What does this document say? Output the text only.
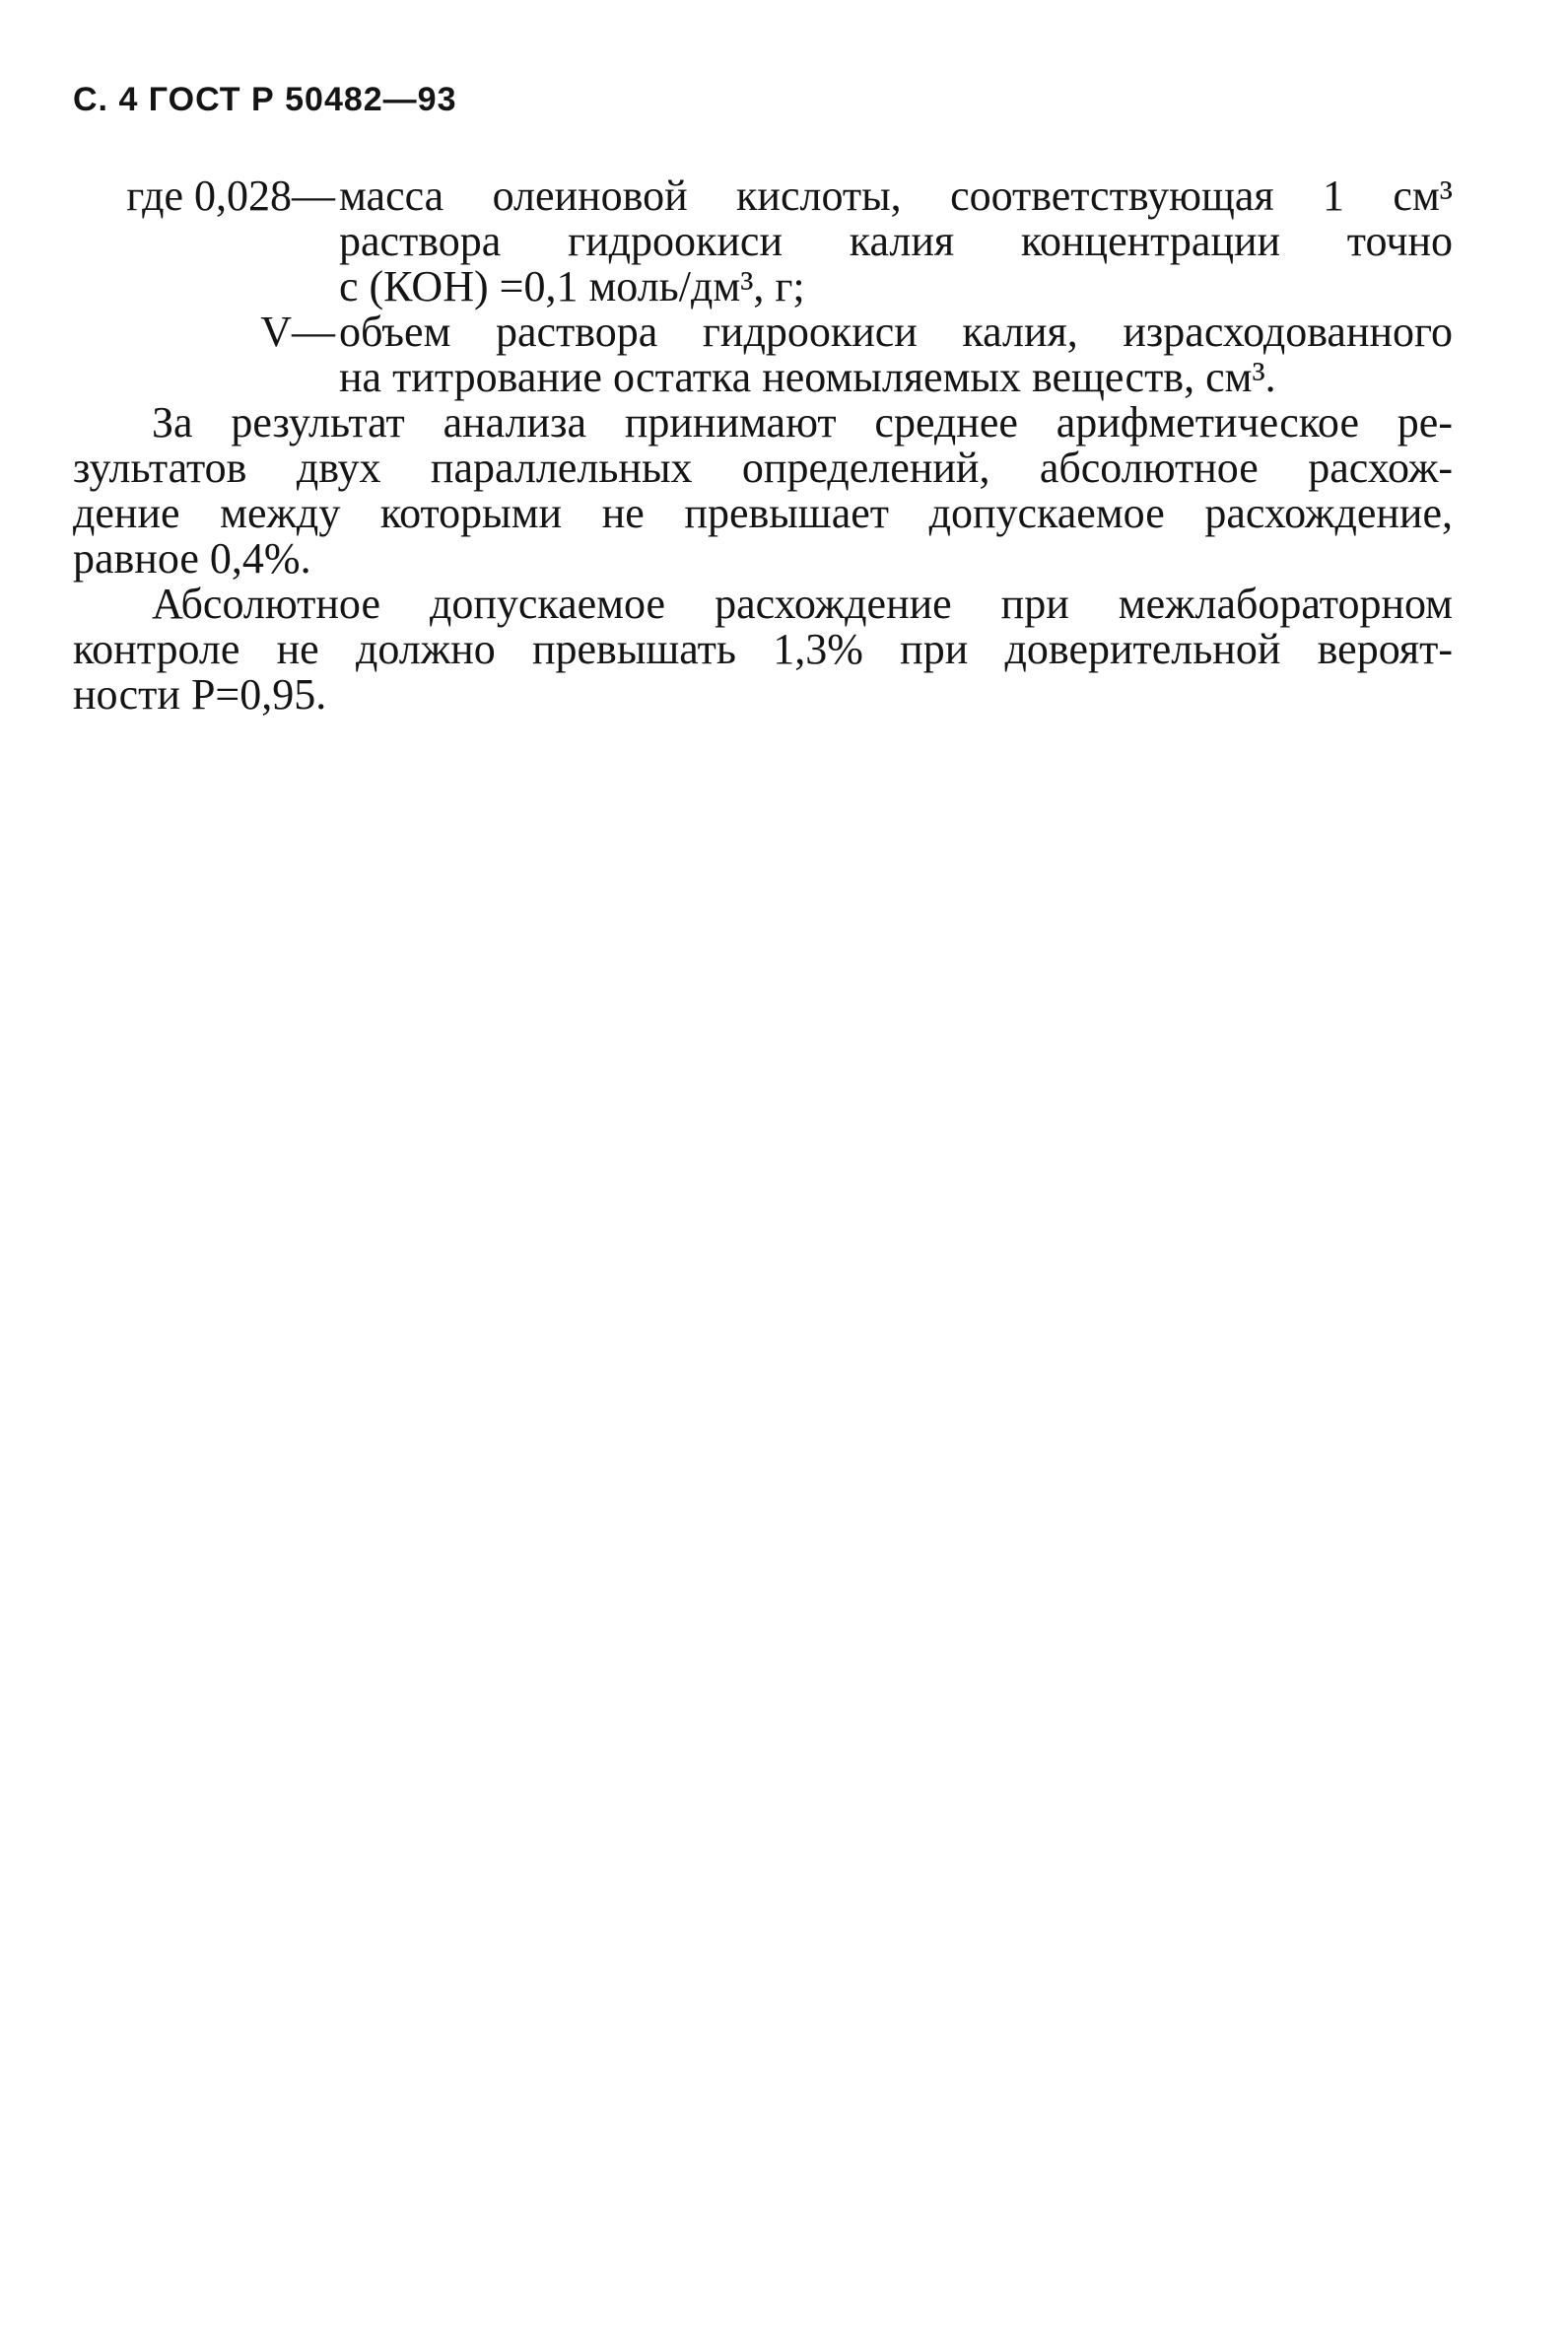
С. 4 ГОСТ Р 50482—93
где 0,028— масса олеиновой кислоты, соответствующая 1 см³
раствора гидроокиси калия концентрации точно
с (КОН) =0,1 моль/дм³, г;
V— объем раствора гидроокиси калия, израсходованного
на титрование остатка неомыляемых веществ, см³.
За результат анализа принимают среднее арифметическое ре-
зультатов двух параллельных определений, абсолютное расхож-
дение между которыми не превышает допускаемое расхождение,
равное 0,4%.
Абсолютное допускаемое расхождение при межлабораторном
контроле не должно превышать 1,3% при доверительной вероят-
ности Р=0,95.
